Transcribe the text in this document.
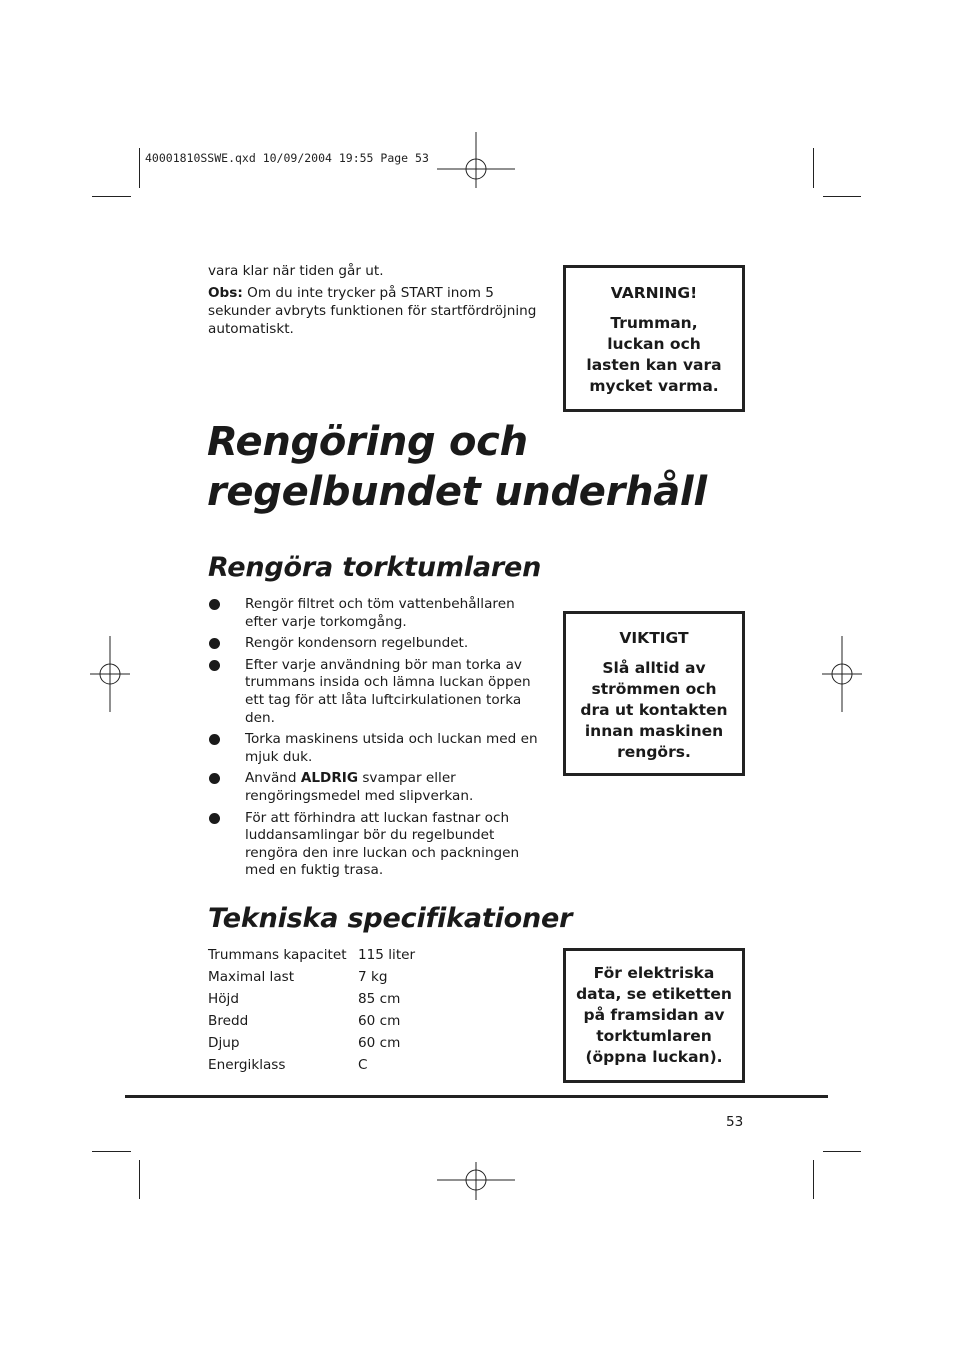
40001810SSWE.qxd 10/09/2004 19:55 Page 53
vara klar när tiden går ut.
Obs: Om du inte trycker på START inom 5 sekunder avbryts funktionen för startfördröjning automatiskt.
VARNING!
Trumman, luckan och lasten kan vara mycket varma.
Rengöring och
regelbundet underhåll
Rengöra torktumlaren
Rengör filtret och töm vattenbehållaren efter varje torkomgång.
Rengör kondensorn regelbundet.
Efter varje användning bör man torka av trummans insida och lämna luckan öppen ett tag för att låta luftcirkulationen torka den.
Torka maskinens utsida och luckan med en mjuk duk.
Använd ALDRIG svampar eller rengöringsmedel med slipverkan.
För att förhindra att luckan fastnar och luddansamlingar bör du regelbundet rengöra den inre luckan och packningen med en fuktig trasa.
VIKTIGT
Slå alltid av strömmen och dra ut kontakten innan maskinen rengörs.
Tekniska specifikationer
Trummans kapacitet	115 liter
Maximal last	7 kg
Höjd	85 cm
Bredd	60 cm
Djup	60 cm
Energiklass	C
För elektriska data, se etiketten på framsidan av torktumlaren (öppna luckan).
53
